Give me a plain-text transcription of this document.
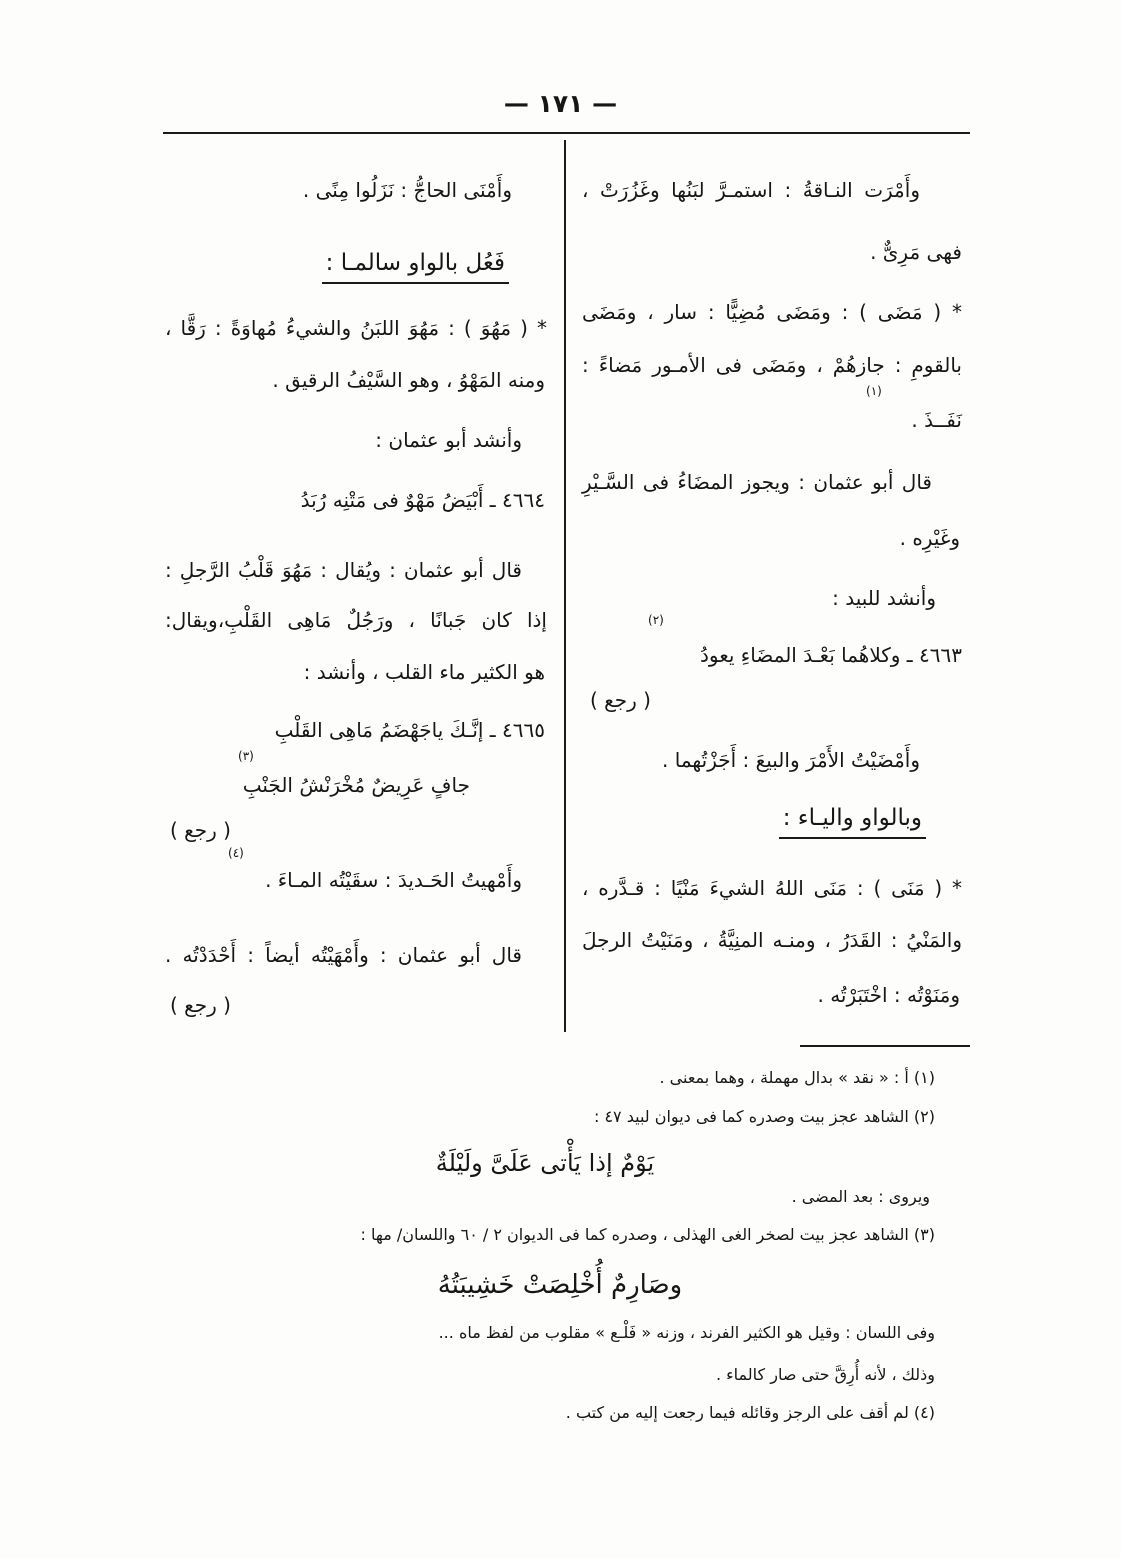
— ١٧١ —
وأَمْرَت النـاقةُ : استمـرَّ لبَنُها وغَزُرَتْ ،
فهى مَرِىٌّ .
* ( مَضَى ) : ومَضَى مُضِيًّا : سار ، ومَضَى
بالقومِ : جازهُمْ ، ومَضَى فى الأمـور مَضاءً :
نَفَــذَ .
(١)
قال أبو عثمان : ويجوز المضَاءُ فى السَّـيْرِ
وغَيْرِه .
وأنشد للبيد :
٤٦٦٣ ـ وكلاهُما بَعْـدَ المضَاءِ يعودُ
(٢)
( رجع )
وأَمْضَيْتُ الأَمْرَ والبيعَ : أَجَزْتُهما .
وبالواو واليـاء :
* ( مَنَى ) : مَنَى اللهُ الشيءَ مَنْيًا : قـدَّره ،
والمَنْيُ : القَدَرُ ، ومنـه المنِيَّةُ ، ومَنَيْتُ الرجلَ
ومَنَوْتُه : اخْتَبَرْتُه .
وأَمْنَى الحاجُّ : نَزَلُوا مِنًى .
فَعُل بالواو سالمـا :
* ( مَهُوَ ) : مَهُوَ اللبَنُ والشيءُ مُهاوَةً : رَقَّا ،
ومنه المَهْوُ ، وهو السَّيْفُ الرقيق .
وأنشد أبو عثمان :
٤٦٦٤ ـ أَبْيَضُ مَهْوٌ فى مَتْنِه رُبَدُ
قال أبو عثمان : ويُقال : مَهُوَ قَلْبُ الرَّجلِ :
إذا كان جَبانًا ، ورَجُلٌ مَاهِى القَلْبِ،ويقال:
هو الكثير ماء القلب ، وأنشد :
٤٦٦٥ ـ إنَّـكَ ياجَهْضَمُ مَاهِى القَلْبِ
جافٍ عَرِيضٌ مُخْرَنْشُ الجَنْبِ
(٣)
( رجع )
وأَمْهيتُ الحَـديدَ : سقَيْتُه المـاءَ .
(٤)
قال أبو عثمان : وأَمْهَيْتُه أيضاً : أَحْدَدْتُه .
( رجع )
(١) أ : « نقد » بدال مهملة ، وهما بمعنى .
(٢) الشاهد عجز بيت وصدره كما فى ديوان لبيد ٤٧ :
يَوْمٌ إذا يَأْتى عَلَىَّ ولَيْلَةٌ
ويروى : بعد المضى .
(٣) الشاهد عجز بيت لصخر الغى الهذلى ، وصدره كما فى الديوان ٢ / ٦٠ واللسان/ مها :
وصَارِمٌ أُخْلِصَتْ خَشِيبَتُهُ
وفى اللسان : وقيل هو الكثير الفرند ، وزنه « فَلْـع » مقلوب من لفظ ماه ...
وذلك ، لأنه أُرِقَّ حتى صار كالماء .
(٤) لم أقف على الرجز وقائله فيما رجعت إليه من كتب .
